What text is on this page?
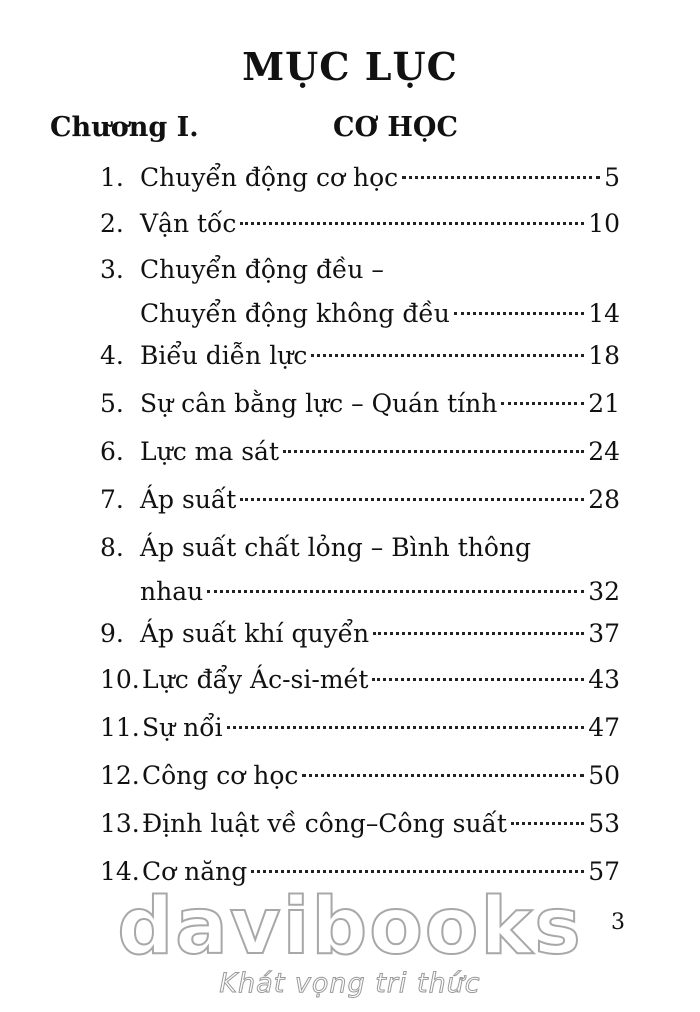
MỤC LỤC
Chương I.	CƠ HỌC
1. Chuyển động cơ học	5
2. Vận tốc	10
3. Chuyển động đều –
Chuyển động không đều	14
4. Biểu diễn lực	18
5. Sự cân bằng lực – Quán tính	21
6. Lực ma sát	24
7. Áp suất	28
8. Áp suất chất lỏng – Bình thông
nhau	32
9. Áp suất khí quyển	37
10. Lực đẩy Ác-si-mét	43
11. Sự nổi	47
12. Công cơ học	50
13. Định luật về công–Công suất	53
14. Cơ năng	57
davibooks
Khát vọng tri thức
3
